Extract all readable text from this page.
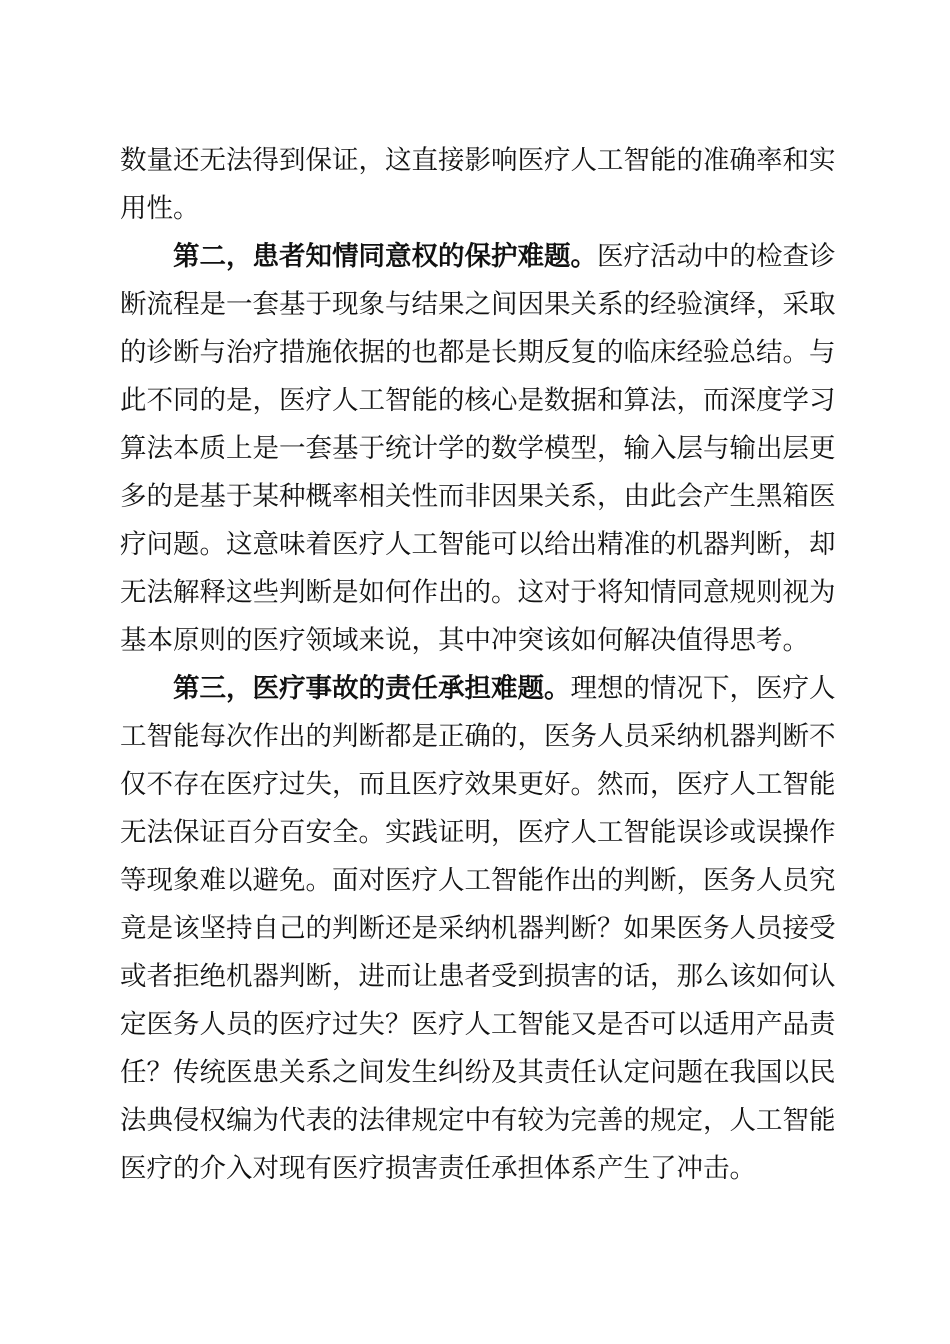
数量还无法得到保证，这直接影响医疗人工智能的准确率和实
用性。
第二，患者知情同意权的保护难题。医疗活动中的检查诊
断流程是一套基于现象与结果之间因果关系的经验演绎，采取
的诊断与治疗措施依据的也都是长期反复的临床经验总结。与
此不同的是，医疗人工智能的核心是数据和算法，而深度学习
算法本质上是一套基于统计学的数学模型，输入层与输出层更
多的是基于某种概率相关性而非因果关系，由此会产生黑箱医
疗问题。这意味着医疗人工智能可以给出精准的机器判断，却
无法解释这些判断是如何作出的。这对于将知情同意规则视为
基本原则的医疗领域来说，其中冲突该如何解决值得思考。
第三，医疗事故的责任承担难题。理想的情况下，医疗人
工智能每次作出的判断都是正确的，医务人员采纳机器判断不
仅不存在医疗过失，而且医疗效果更好。然而，医疗人工智能
无法保证百分百安全。实践证明，医疗人工智能误诊或误操作
等现象难以避免。面对医疗人工智能作出的判断，医务人员究
竟是该坚持自己的判断还是采纳机器判断？如果医务人员接受
或者拒绝机器判断，进而让患者受到损害的话，那么该如何认
定医务人员的医疗过失？医疗人工智能又是否可以适用产品责
任？传统医患关系之间发生纠纷及其责任认定问题在我国以民
法典侵权编为代表的法律规定中有较为完善的规定，人工智能
医疗的介入对现有医疗损害责任承担体系产生了冲击。
